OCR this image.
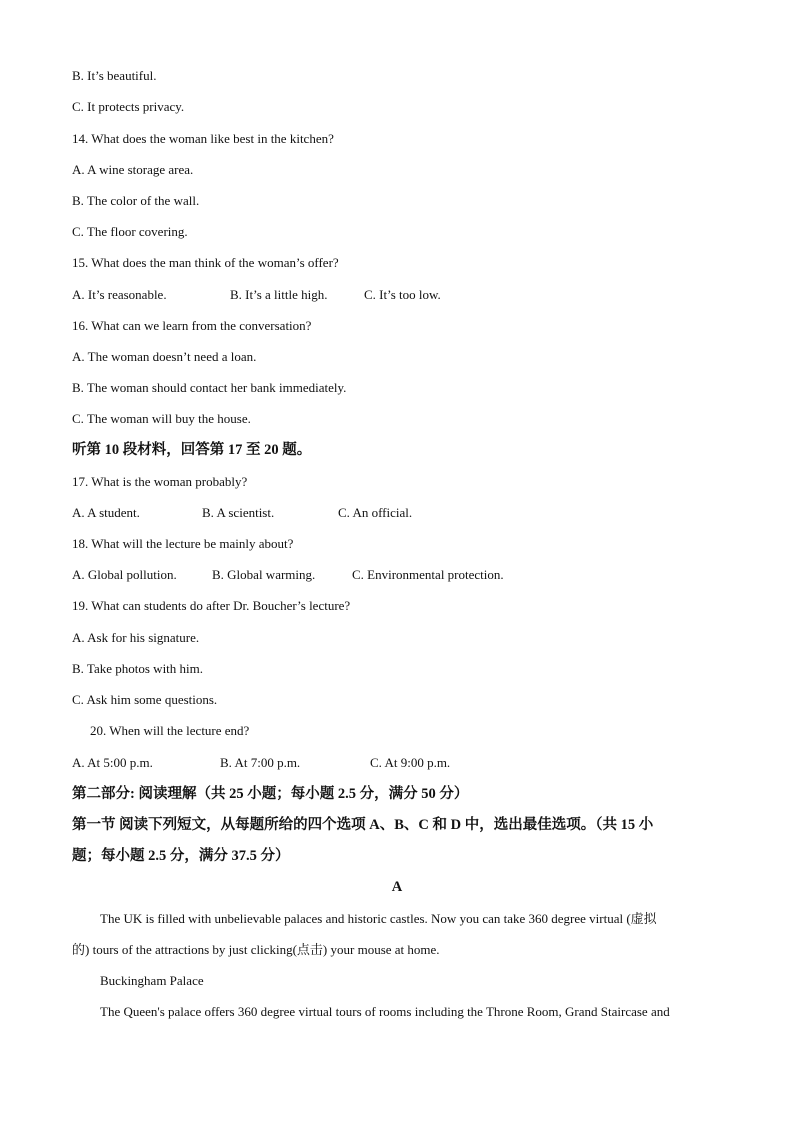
B. It’s beautiful.
C. It protects privacy.
14. What does the woman like best in the kitchen?
A. A wine storage area.
B. The color of the wall.
C. The floor covering.
15. What does the man think of the woman’s offer?
A. It’s reasonable.	B. It’s a little high.	C. It’s too low.
16. What can we learn from the conversation?
A. The woman doesn’t need a loan.
B. The woman should contact her bank immediately.
C. The woman will buy the house.
听第 10 段材料，回答第 17 至 20 题。
17. What is the woman probably?
A. A student.	B. A scientist.	C. An official.
18. What will the lecture be mainly about?
A. Global pollution.	B. Global warming.	C. Environmental protection.
19. What can students do after Dr. Boucher’s lecture?
A. Ask for his signature.
B. Take photos with him.
C. Ask him some questions.
20. When will the lecture end?
A. At 5:00 p.m.	B. At 7:00 p.m.	C. At 9:00 p.m.
第二部分: 阅读理解（共 25 小题；每小题 2.5 分，满分 50 分）
第一节 阅读下列短文，从每题所给的四个选项 A、B、C 和 D 中，选出最佳选项。（共 15 小
题；每小题 2.5 分，满分 37.5 分）
A
The UK is filled with unbelievable palaces and historic castles. Now you can take 360 degree virtual (虚拟
的) tours of the attractions by just clicking(点击) your mouse at home.
Buckingham Palace
The Queen's palace offers 360 degree virtual tours of rooms including the Throne Room, Grand Staircase and
